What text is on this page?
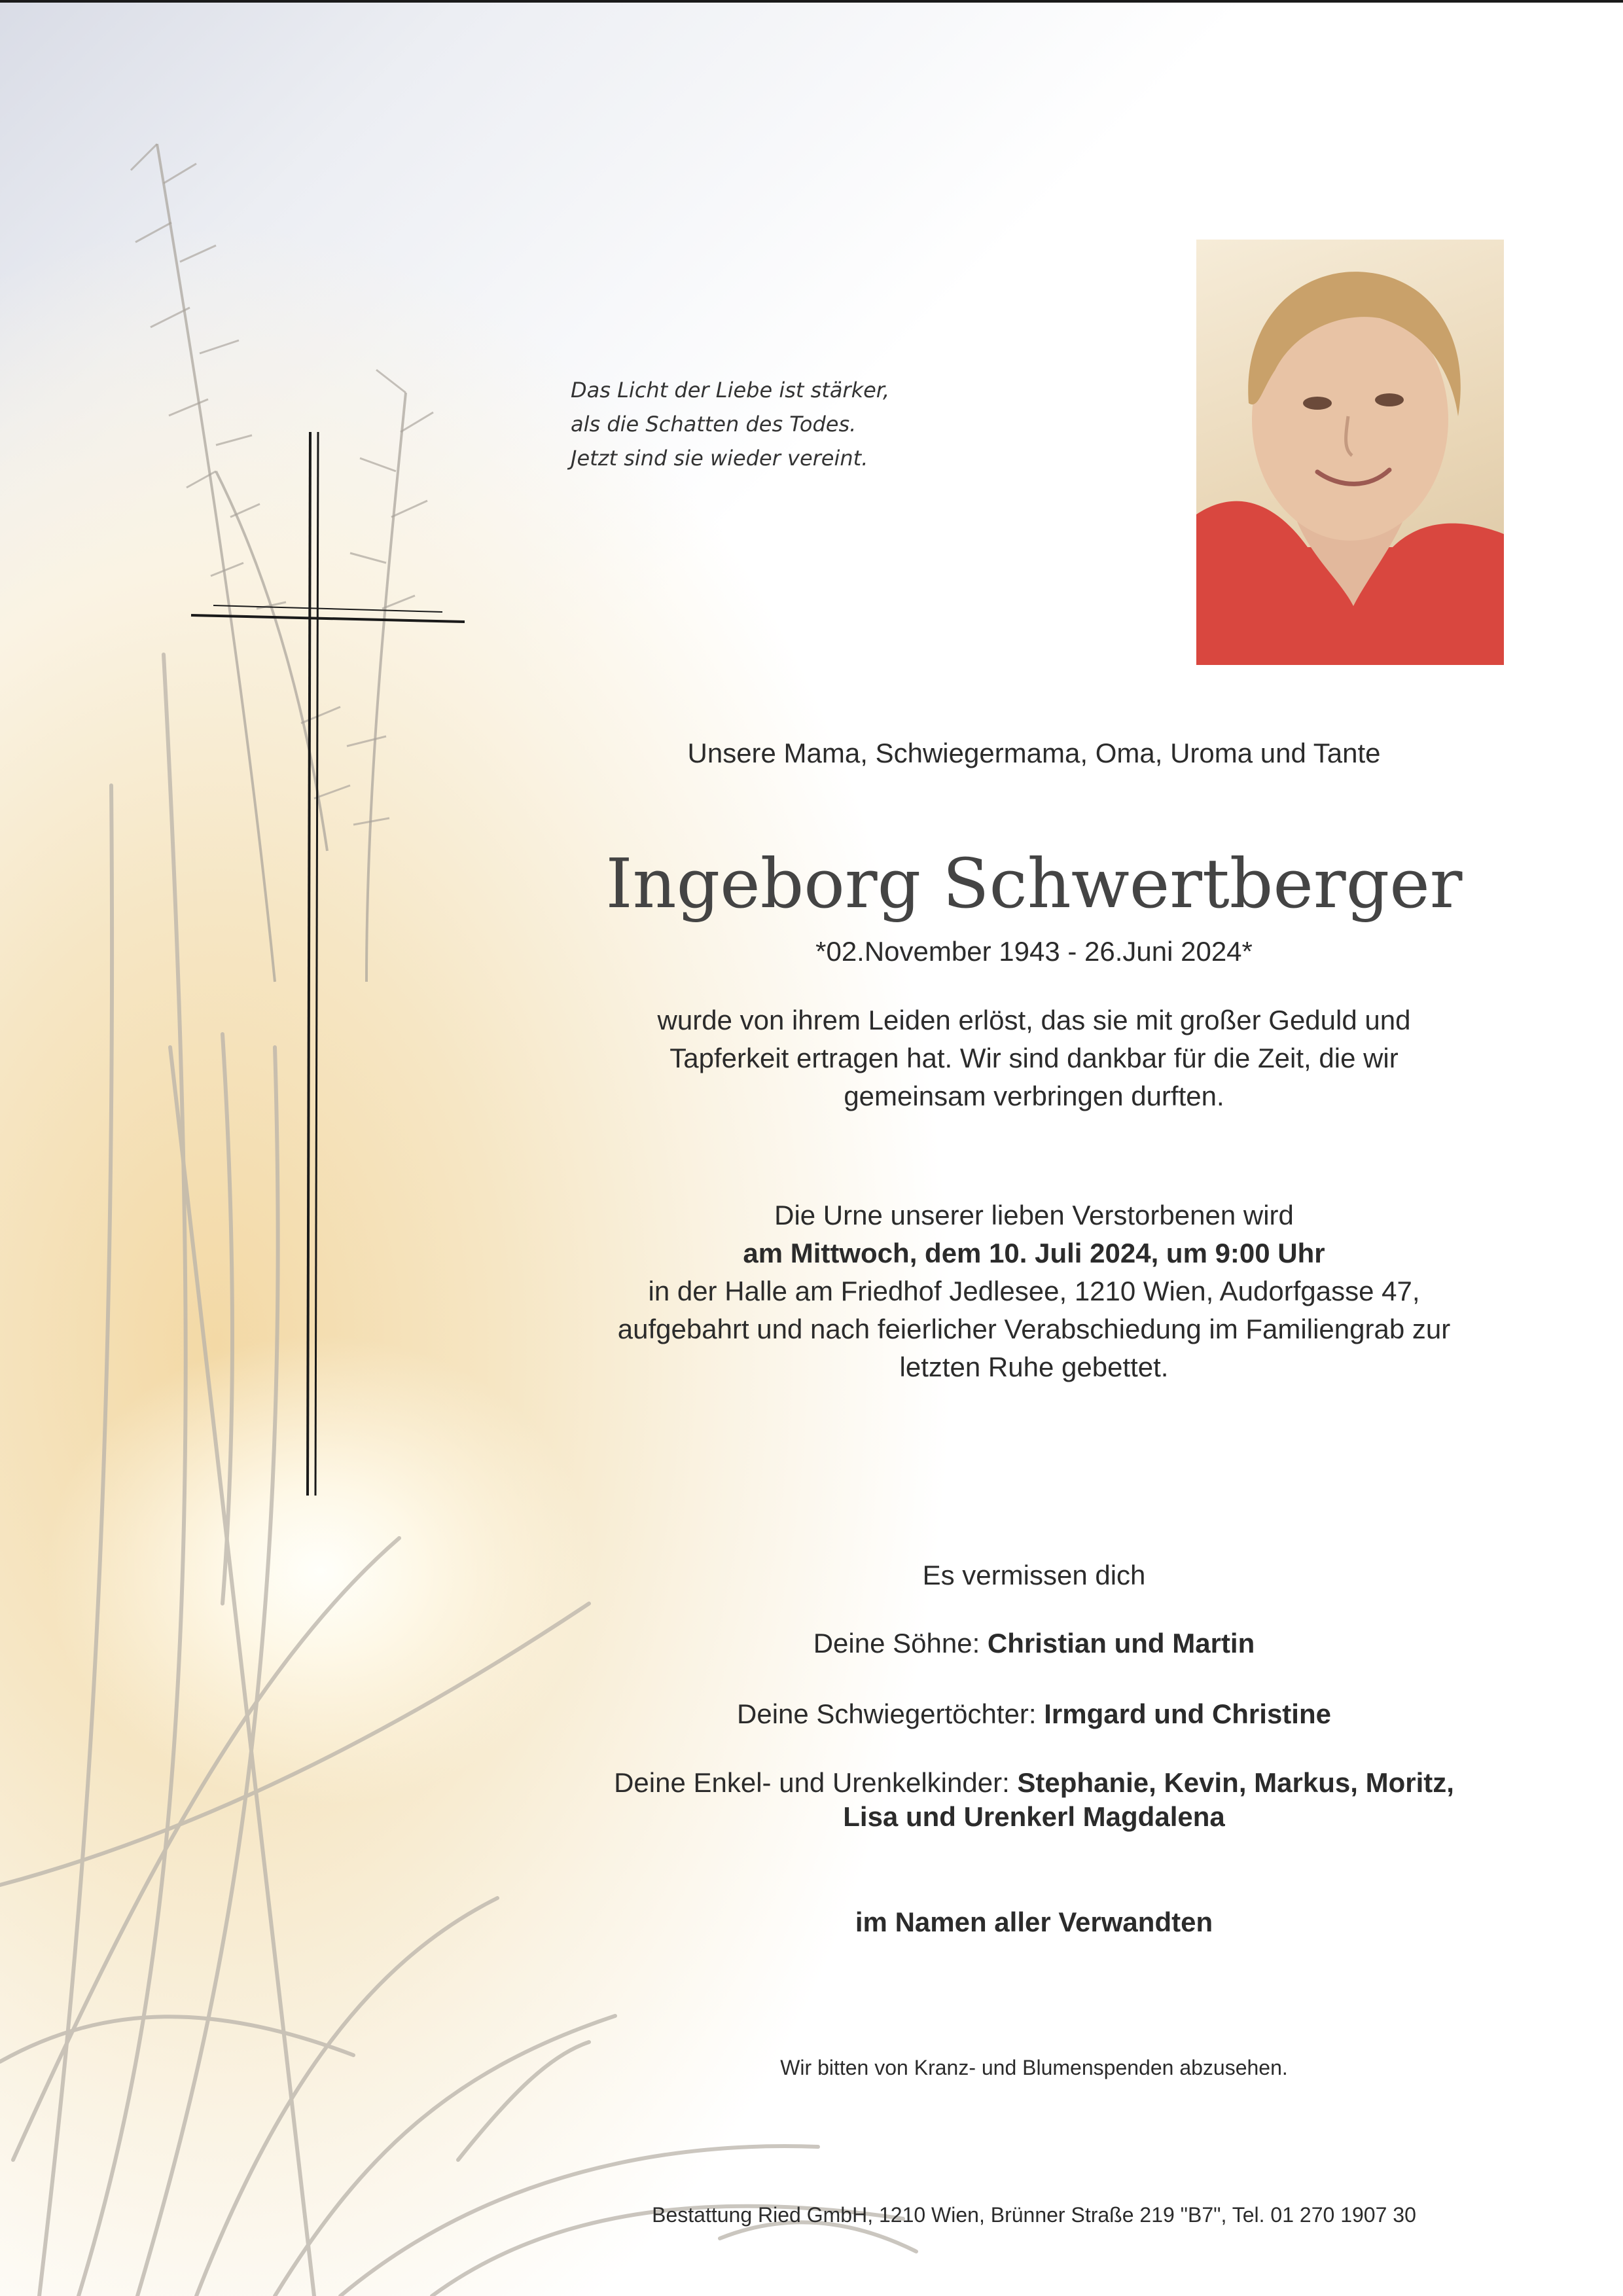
Das Licht der Liebe ist stärker,
als die Schatten des Todes.
Jetzt sind sie wieder vereint.
Unsere Mama, Schwiegermama, Oma, Uroma und Tante
Ingeborg Schwertberger
*02.November 1943 - 26.Juni 2024*
wurde von ihrem Leiden erlöst, das sie mit großer Geduld und
Tapferkeit ertragen hat. Wir sind dankbar für die Zeit, die wir
gemeinsam verbringen durften.
Die Urne unserer lieben Verstorbenen wird
am Mittwoch, dem 10. Juli 2024, um 9:00 Uhr
in der Halle am Friedhof Jedlesee, 1210 Wien, Audorfgasse 47,
aufgebahrt und nach feierlicher Verabschiedung im Familiengrab zur
letzten Ruhe gebettet.
Es vermissen dich
Deine Söhne: Christian und Martin
Deine Schwiegertöchter: Irmgard und Christine
Deine Enkel- und Urenkelkinder: Stephanie, Kevin, Markus, Moritz,
Lisa und Urenkerl Magdalena
im Namen aller Verwandten
Wir bitten von Kranz- und Blumenspenden abzusehen.
Bestattung Ried GmbH, 1210 Wien, Brünner Straße 219 "B7", Tel. 01 270 1907 30
